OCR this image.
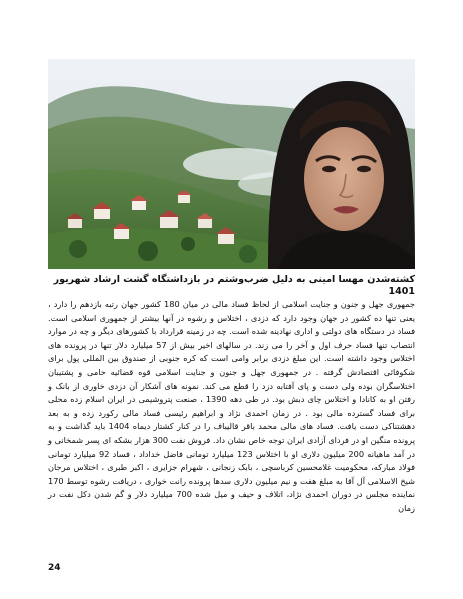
کشته‌شدن مهسا امینی به دلیل ضرب‌وشتم در بازداشتگاه گشت ارشاد شهریور 1401

جمهوری جهل و جنون و جنایت اسلامی از لحاظ فساد مالی در میان 180 کشور جهان رتبه بازدهم را دارد ، یعنی تنها ده کشور در جهان وجود دارد که دزدی ، اختلاس و رشوه در آنها بیشتر از جمهوری اسلامی است. فساد در دستگاه های دولتی و اداری نهادینه شده است. چه در زمینه قرارداد با کشورهای دیگر و چه در موارد انتصاب تنها فساد حرف اول و آخر را می زند. در سالهای اخیر بیش از 57 میلیارد دلار تنها در پرونده های اختلاس وجود داشته است. این مبلغ دزدی برابر وامی است که کره جنوبی از صندوق بین المللی پول برای شکوفائی اقتصادش گرفته . در جمهوری جهل و جنون و جنایت اسلامی قوه قضائیه حامی و پشتیبان اختلاسگران بوده ولی دست و پای آفتابه دزد را قطع می کند. نمونه های آشکار آن دزدی خاوری از بانک و رفتن او به کانادا و اختلاس چای دبش بود. در طی دهه 1390 ، صنعت پتروشیمی در ایران اسلام زده محلی برای فساد گسترده مالی بود . در زمان احمدی نژاد و ابراهیم رئیسی فساد مالی رکورد زده و به بعد دهشتناکی دست یافت. فساد های مالی محمد باقر قالیباف را در کنار کشتار دیماه 1404 باید گذاشت و به پرونده منگین او در فردای آزادی ایران توجه خاص نشان داد. فروش نفت 300 هزار بشکه ای پسر شمخانی و در آمد ماهیانه 200 میلیون دلاری او با اختلاس 123 میلیارد تومانی فاضل خداداد ، فساد 92 میلیارد تومانی فولاد مبارکه، محکومیت غلامحسین کرباسچی ، بابک زنجانی ، شهرام جزایری ، اکبر طبری ، اختلاس مرجان شیخ الاسلامی آل آقا به مبلغ هفت و نیم میلیون دلاری سدها پرونده رانت خواری ، دریافت رشوه توسط 170 نماینده مجلس در دوران احمدی نژاد، اتلاف و حیف و میل شده 700 میلیارد دلار و گم شدن دکل نفت در زمان

24
